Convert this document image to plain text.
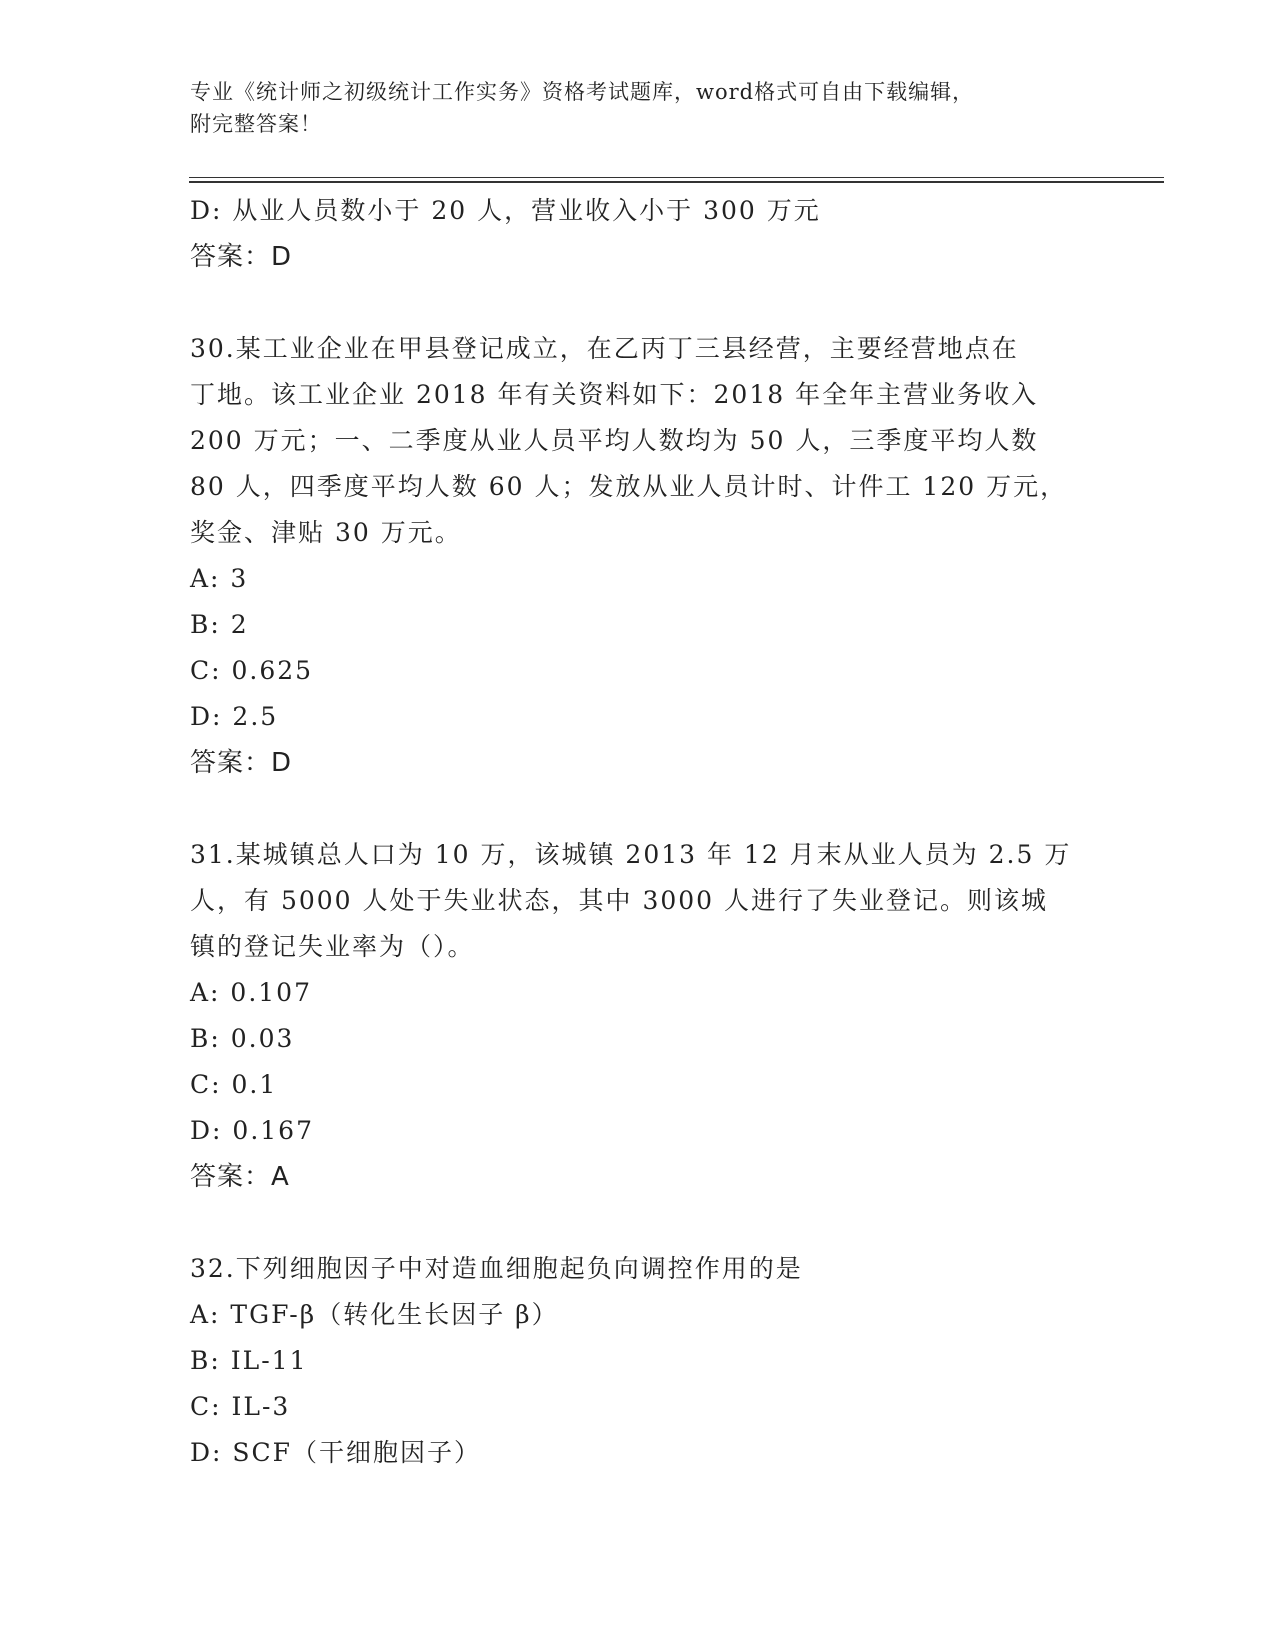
专业《统计师之初级统计工作实务》资格考试题库，word格式可自由下载编辑，
附完整答案！
D: 从业人员数小于 20 人，营业收入小于 300 万元
答案：D
30.某工业企业在甲县登记成立，在乙丙丁三县经营，主要经营地点在
丁地。该工业企业 2018 年有关资料如下：2018 年全年主营业务收入
200 万元；一、二季度从业人员平均人数均为 50 人，三季度平均人数
80 人，四季度平均人数 60 人；发放从业人员计时、计件工 120 万元，
奖金、津贴 30 万元。
A: 3
B: 2
C: 0.625
D: 2.5
答案：D
31.某城镇总人口为 10 万，该城镇 2013 年 12 月末从业人员为 2.5 万
人，有 5000 人处于失业状态，其中 3000 人进行了失业登记。则该城
镇的登记失业率为（）。
A: 0.107
B: 0.03
C: 0.1
D: 0.167
答案：A
32.下列细胞因子中对造血细胞起负向调控作用的是
A: TGF-β（转化生长因子 β）
B: IL-11
C: IL-3
D: SCF（干细胞因子）
